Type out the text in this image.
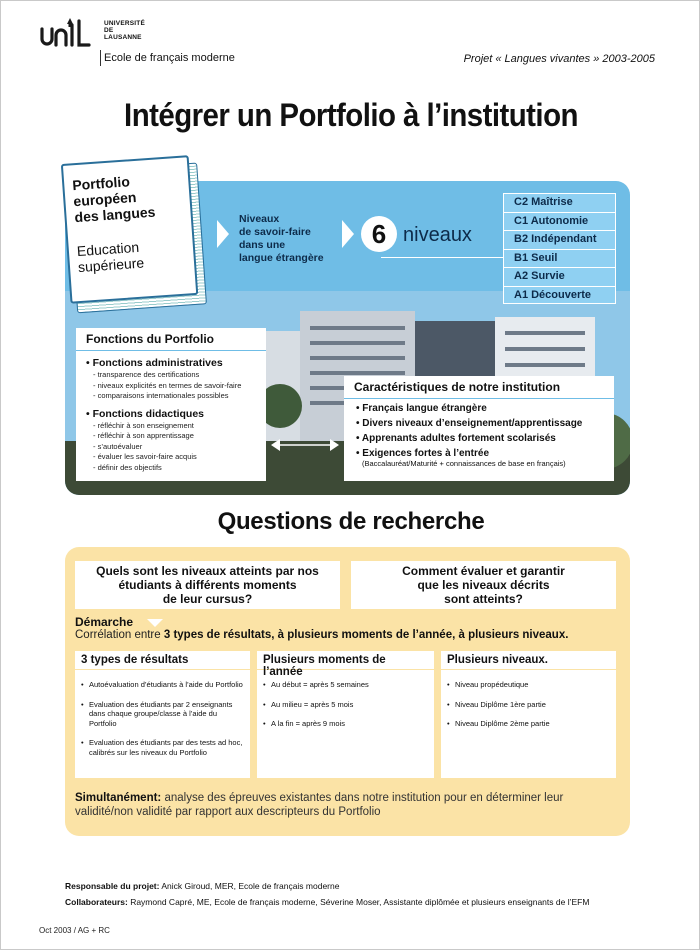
UNIVERSITÉ
DE
LAUSANNE
Ecole de français moderne	Projet « Langues vivantes » 2003-2005
Intégrer un Portfolio à l’institution
Portfolio
européen
des langues
Education
supérieure
Niveaux
de savoir-faire
dans une
langue étrangère
6 niveaux
C2 Maîtrise
C1 Autonomie
B2 Indépendant
B1 Seuil
A2 Survie
A1 Découverte
Fonctions du Portfolio
• Fonctions administratives
- transparence des certifications
- niveaux explicités en termes de savoir-faire
- comparaisons internationales possibles
• Fonctions didactiques
- réfléchir à son enseignement
- réfléchir à son apprentissage
- s’autoévaluer
- évaluer les savoir-faire acquis
- définir des objectifs
Caractéristiques de notre institution
• Français langue étrangère
• Divers niveaux d’enseignement/apprentissage
• Apprenants adultes fortement scolarisés
• Exigences fortes à l’entrée
(Baccalauréat/Maturité + connaissances de base en français)
Questions de recherche
Quels sont les niveaux atteints par nos
étudiants à différents moments
de leur cursus?
Comment évaluer et garantir
que les niveaux décrits
sont atteints?
Démarche
Corrélation entre 3 types de résultats, à plusieurs moments de l’année, à plusieurs niveaux.
3 types de résultats
• Autoévaluation d’étudiants à l’aide du Portfolio
• Evaluation des étudiants par 2 enseignants dans chaque groupe/classe à l’aide du Portfolio
• Evaluation des étudiants par des tests ad hoc, calibrés sur les niveaux du Portfolio
Plusieurs moments de l’année
• Au début = après 5 semaines
• Au milieu = après 5 mois
• A la fin = après 9 mois
Plusieurs niveaux.
• Niveau propédeutique
• Niveau Diplôme 1ère partie
• Niveau Diplôme 2ème partie
Simultanément: analyse des épreuves existantes dans notre institution pour en déterminer leur validité/non validité par rapport aux descripteurs du Portfolio
Responsable du projet: Anick Giroud, MER, Ecole de français moderne
Collaborateurs: Raymond Capré, ME, Ecole de français moderne, Séverine Moser, Assistante diplômée et plusieurs enseignants de l’EFM
Oct 2003 / AG + RC
